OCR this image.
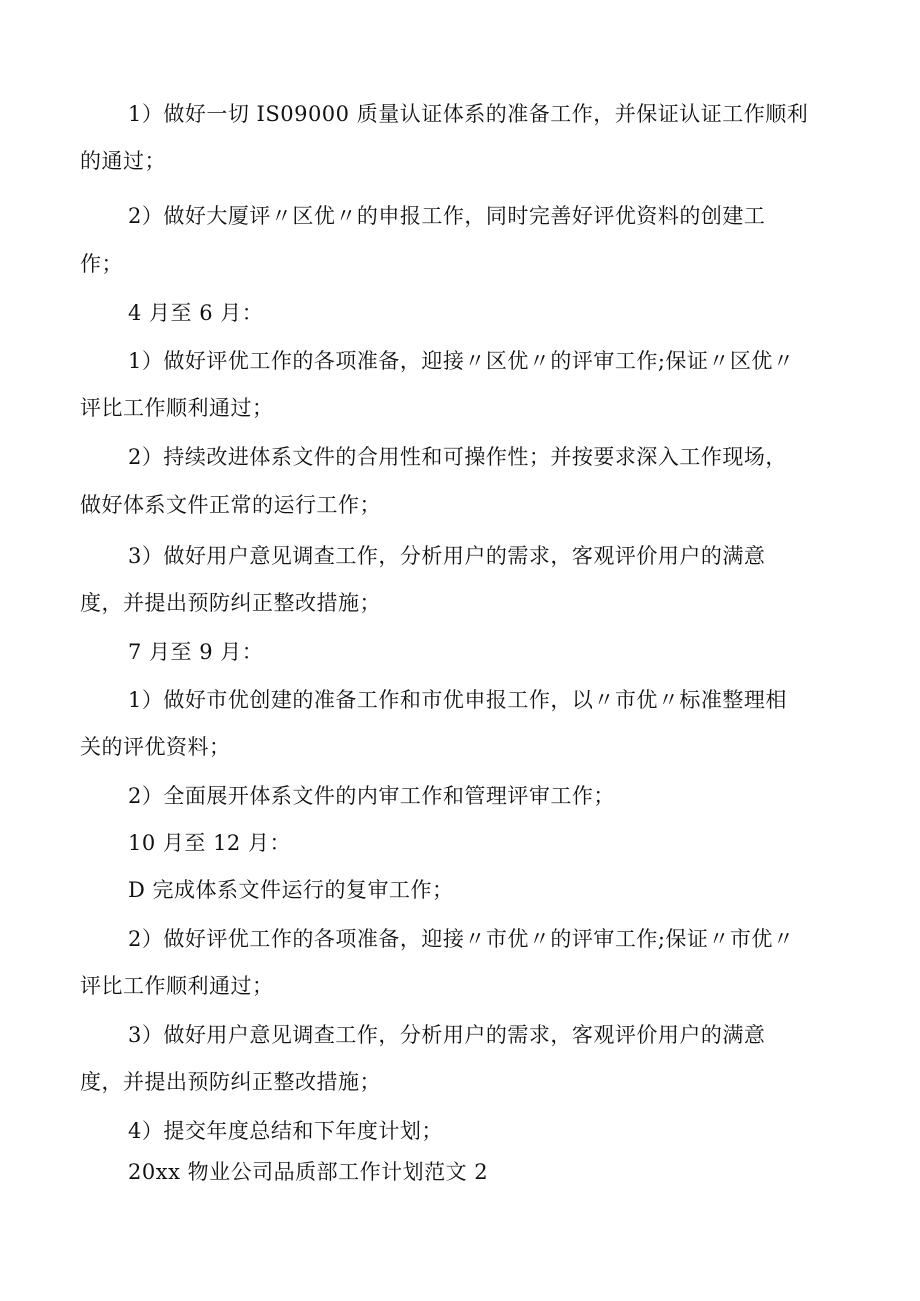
1）做好一切 IS09000 质量认证体系的准备工作，并保证认证工作顺利
的通过；
2）做好大厦评〃区优〃的申报工作，同时完善好评优资料的创建工
作；
4 月至 6 月：
1）做好评优工作的各项准备，迎接〃区优〃的评审工作;保证〃区优〃
评比工作顺利通过；
2）持续改进体系文件的合用性和可操作性；并按要求深入工作现场，
做好体系文件正常的运行工作；
3）做好用户意见调查工作，分析用户的需求，客观评价用户的满意
度，并提出预防纠正整改措施；
7 月至 9 月：
1）做好市优创建的准备工作和市优申报工作，以〃市优〃标准整理相
关的评优资料；
2）全面展开体系文件的内审工作和管理评审工作；
10 月至 12 月：
D 完成体系文件运行的复审工作；
2）做好评优工作的各项准备，迎接〃市优〃的评审工作;保证〃市优〃
评比工作顺利通过；
3）做好用户意见调查工作，分析用户的需求，客观评价用户的满意
度，并提出预防纠正整改措施；
4）提交年度总结和下年度计划；
20xx 物业公司品质部工作计划范文 2
